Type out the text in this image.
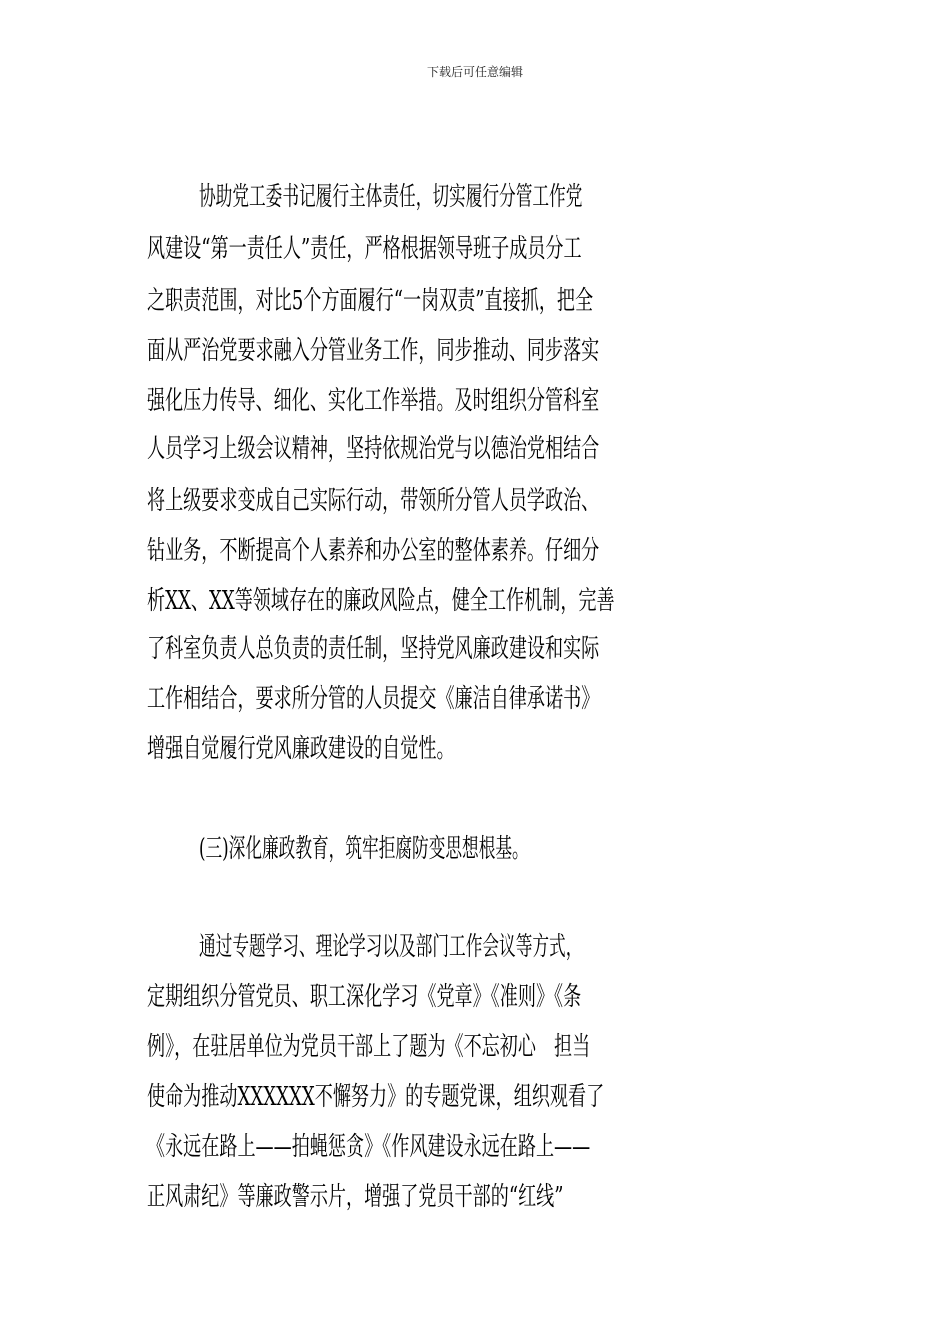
下载后可任意编辑
协助党工委书记履行主体责任，切实履行分管工作党
风建设“第一责任人”责任，严格根据领导班子成员分工
之职责范围，对比5个方面履行“一岗双责”直接抓，把全
面从严治党要求融入分管业务工作，同步推动、同步落实
强化压力传导、细化、实化工作举措。及时组织分管科室
人员学习上级会议精神，坚持依规治党与以德治党相结合
将上级要求变成自己实际行动，带领所分管人员学政治、
钻业务，不断提高个人素养和办公室的整体素养。仔细分
析XX、XX等领域存在的廉政风险点，健全工作机制，完善
了科室负责人总负责的责任制，坚持党风廉政建设和实际
工作相结合，要求所分管的人员提交《廉洁自律承诺书》
增强自觉履行党风廉政建设的自觉性。
(三)深化廉政教育，筑牢拒腐防变思想根基。
通过专题学习、理论学习以及部门工作会议等方式，
定期组织分管党员、职工深化学习《党章》《准则》《条
例》，在驻居单位为党员干部上了题为《不忘初心　担当
使命为推动XXXXXX不懈努力》的专题党课，组织观看了
《永远在路上——拍蝇惩贪》《作风建设永远在路上——
正风肃纪》等廉政警示片，增强了党员干部的“红线”
